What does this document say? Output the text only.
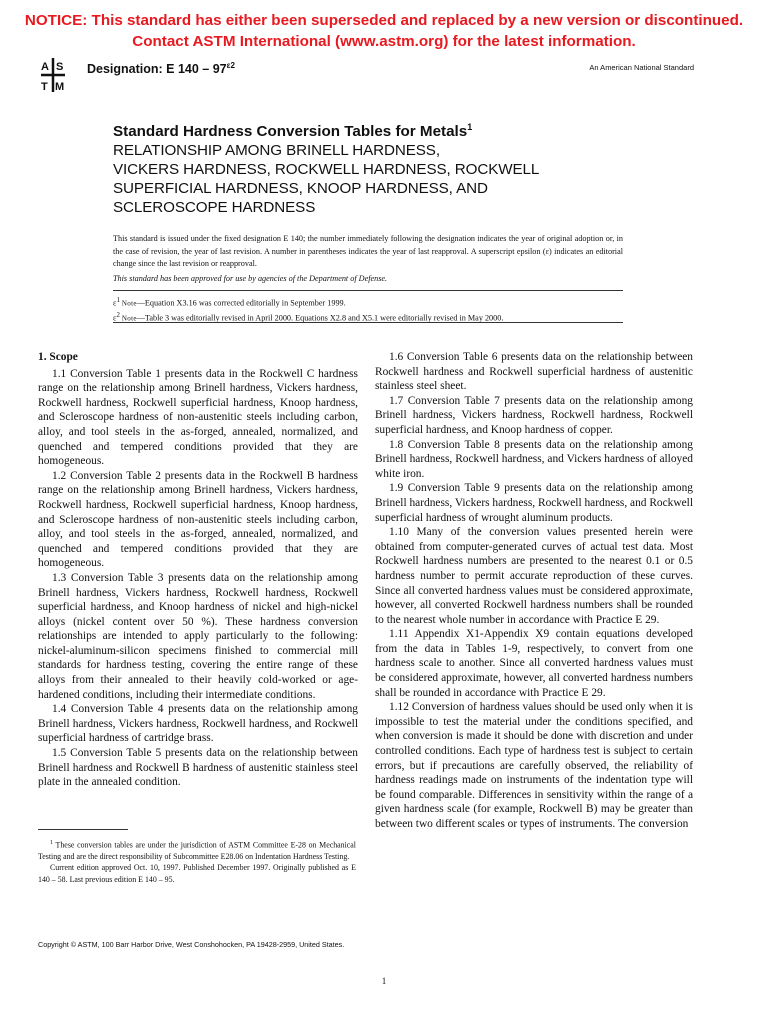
NOTICE: This standard has either been superseded and replaced by a new version or discontinued.
Contact ASTM International (www.astm.org) for the latest information.
A S
T M
Designation: E $140 - 97^{\varepsilon 2}$	An American National Standard
Standard Hardness Conversion Tables for Metals$^1$
RELATIONSHIP AMONG BRINELL HARDNESS,
VICKERS HARDNESS, ROCKWELL HARDNESS, ROCKWELL
SUPERFICIAL HARDNESS, KNOOP HARDNESS, AND
SCLEROSCOPE HARDNESS
This standard is issued under the fixed designation E 140; the number immediately following the designation indicates the year of original adoption or, in the case of revision, the year of last revision. A number in parentheses indicates the year of last reapproval. A superscript epsilon (ε) indicates an editorial change since the last revision or reapproval.
This standard has been approved for use by agencies of the Department of Defense.
$\varepsilon^1$ Note—Equation X3.16 was corrected editorially in September 1999.
$\varepsilon^2$ Note—Table 3 was editorially revised in April 2000. Equations X2.8 and X5.1 were editorially revised in May 2000.
1. Scope

1.1 Conversion Table 1 presents data in the Rockwell C hardness range on the relationship among Brinell hardness, Vickers hardness, Rockwell hardness, Rockwell superficial hardness, Knoop hardness, and Scleroscope hardness of non-austenitic steels including carbon, alloy, and tool steels in the as-forged, annealed, normalized, and quenched and tempered conditions provided that they are homogeneous.

1.2 Conversion Table 2 presents data in the Rockwell B hardness range on the relationship among Brinell hardness, Vickers hardness, Rockwell hardness, Rockwell superficial hardness, Knoop hardness, and Scleroscope hardness of non-austenitic steels including carbon, alloy, and tool steels in the as-forged, annealed, normalized, and quenched and tempered conditions provided that they are homogeneous.

1.3 Conversion Table 3 presents data on the relationship among Brinell hardness, Vickers hardness, Rockwell hardness, Rockwell superficial hardness, and Knoop hardness of nickel and high-nickel alloys (nickel content over 50 %). These hardness conversion relationships are intended to apply particularly to the following: nickel-aluminum-silicon specimens finished to commercial mill standards for hardness testing, covering the entire range of these alloys from their annealed to their heavily cold-worked or age-hardened conditions, including their intermediate conditions.

1.4 Conversion Table 4 presents data on the relationship among Brinell hardness, Vickers hardness, Rockwell hardness, and Rockwell superficial hardness of cartridge brass.

1.5 Conversion Table 5 presents data on the relationship between Brinell hardness and Rockwell B hardness of austenitic stainless steel plate in the annealed condition.

1.6 Conversion Table 6 presents data on the relationship between Rockwell hardness and Rockwell superficial hardness of austenitic stainless steel sheet.

1.7 Conversion Table 7 presents data on the relationship among Brinell hardness, Vickers hardness, Rockwell hardness, Rockwell superficial hardness, and Knoop hardness of copper.

1.8 Conversion Table 8 presents data on the relationship among Brinell hardness, Rockwell hardness, and Vickers hardness of alloyed white iron.

1.9 Conversion Table 9 presents data on the relationship among Brinell hardness, Vickers hardness, Rockwell hardness, and Rockwell superficial hardness of wrought aluminum products.

1.10 Many of the conversion values presented herein were obtained from computer-generated curves of actual test data. Most Rockwell hardness numbers are presented to the nearest 0.1 or 0.5 hardness number to permit accurate reproduction of these curves. Since all converted hardness values must be considered approximate, however, all converted Rockwell hardness numbers shall be rounded to the nearest whole number in accordance with Practice E 29.

1.11 Appendix X1-Appendix X9 contain equations developed from the data in Tables 1-9, respectively, to convert from one hardness scale to another. Since all converted hardness values must be considered approximate, however, all converted hardness numbers shall be rounded in accordance with Practice E 29.

1.12 Conversion of hardness values should be used only when it is impossible to test the material under the conditions specified, and when conversion is made it should be done with discretion and under controlled conditions. Each type of hardness test is subject to certain errors, but if precautions are carefully observed, the reliability of hardness readings made on instruments of the indentation type will be found comparable. Differences in sensitivity within the range of a given hardness scale (for example, Rockwell B) may be greater than between two different scales or types of instruments. The conversion

$^1$ These conversion tables are under the jurisdiction of ASTM Committee E-28 on Mechanical Testing and are the direct responsibility of Subcommittee E28.06 on Indentation Hardness Testing.

Current edition approved Oct. 10, 1997. Published December 1997. Originally published as E 140 – 58. Last previous edition E 140 – 95.

Copyright © ASTM, 100 Barr Harbor Drive, West Conshohocken, PA 19428-2959, United States.
1
